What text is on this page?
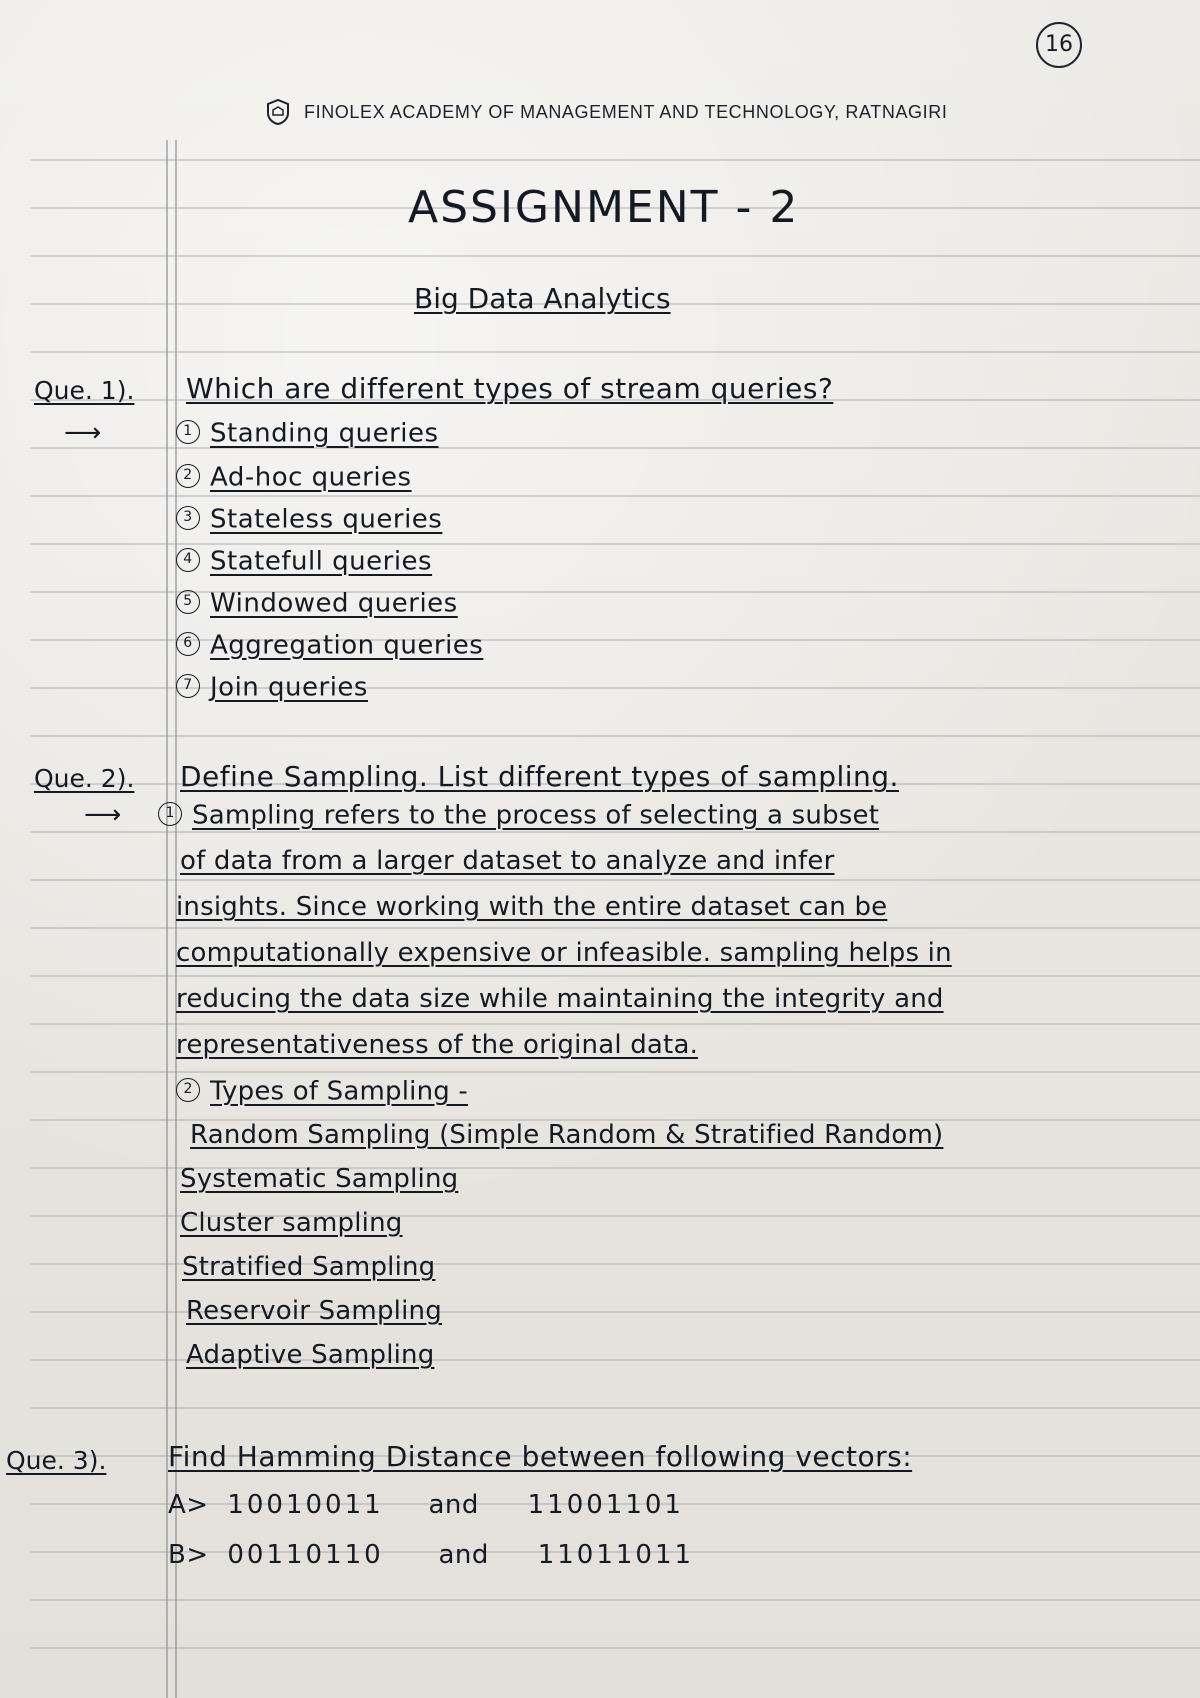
16
FINOLEX ACADEMY OF MANAGEMENT AND TECHNOLOGY, RATNAGIRI
ASSIGNMENT - 2
Big Data Analytics
Que. 1). Which are different types of stream queries?
⟶	1 Standing queries
2 Ad-hoc queries
3 Stateless queries
4 Statefull queries
5 Windowed queries
6 Aggregation queries
7 Join queries
Que. 2). Define Sampling. List different types of sampling.
⟶	1 Sampling refers to the process of selecting a subset
of data from a larger dataset to analyze and infer
insights. Since working with the entire dataset can be
computationally expensive or infeasible. sampling helps in
reducing the data size while maintaining the integrity and
representativeness of the original data.
2 Types of Sampling -
Random Sampling (Simple Random & Stratified Random)
Systematic Sampling
Cluster sampling
Stratified Sampling
Reservoir Sampling
Adaptive Sampling
Que. 3). Find Hamming Distance between following vectors:
A> 10010011 and 11001101
B> 00110110 and 11011011
